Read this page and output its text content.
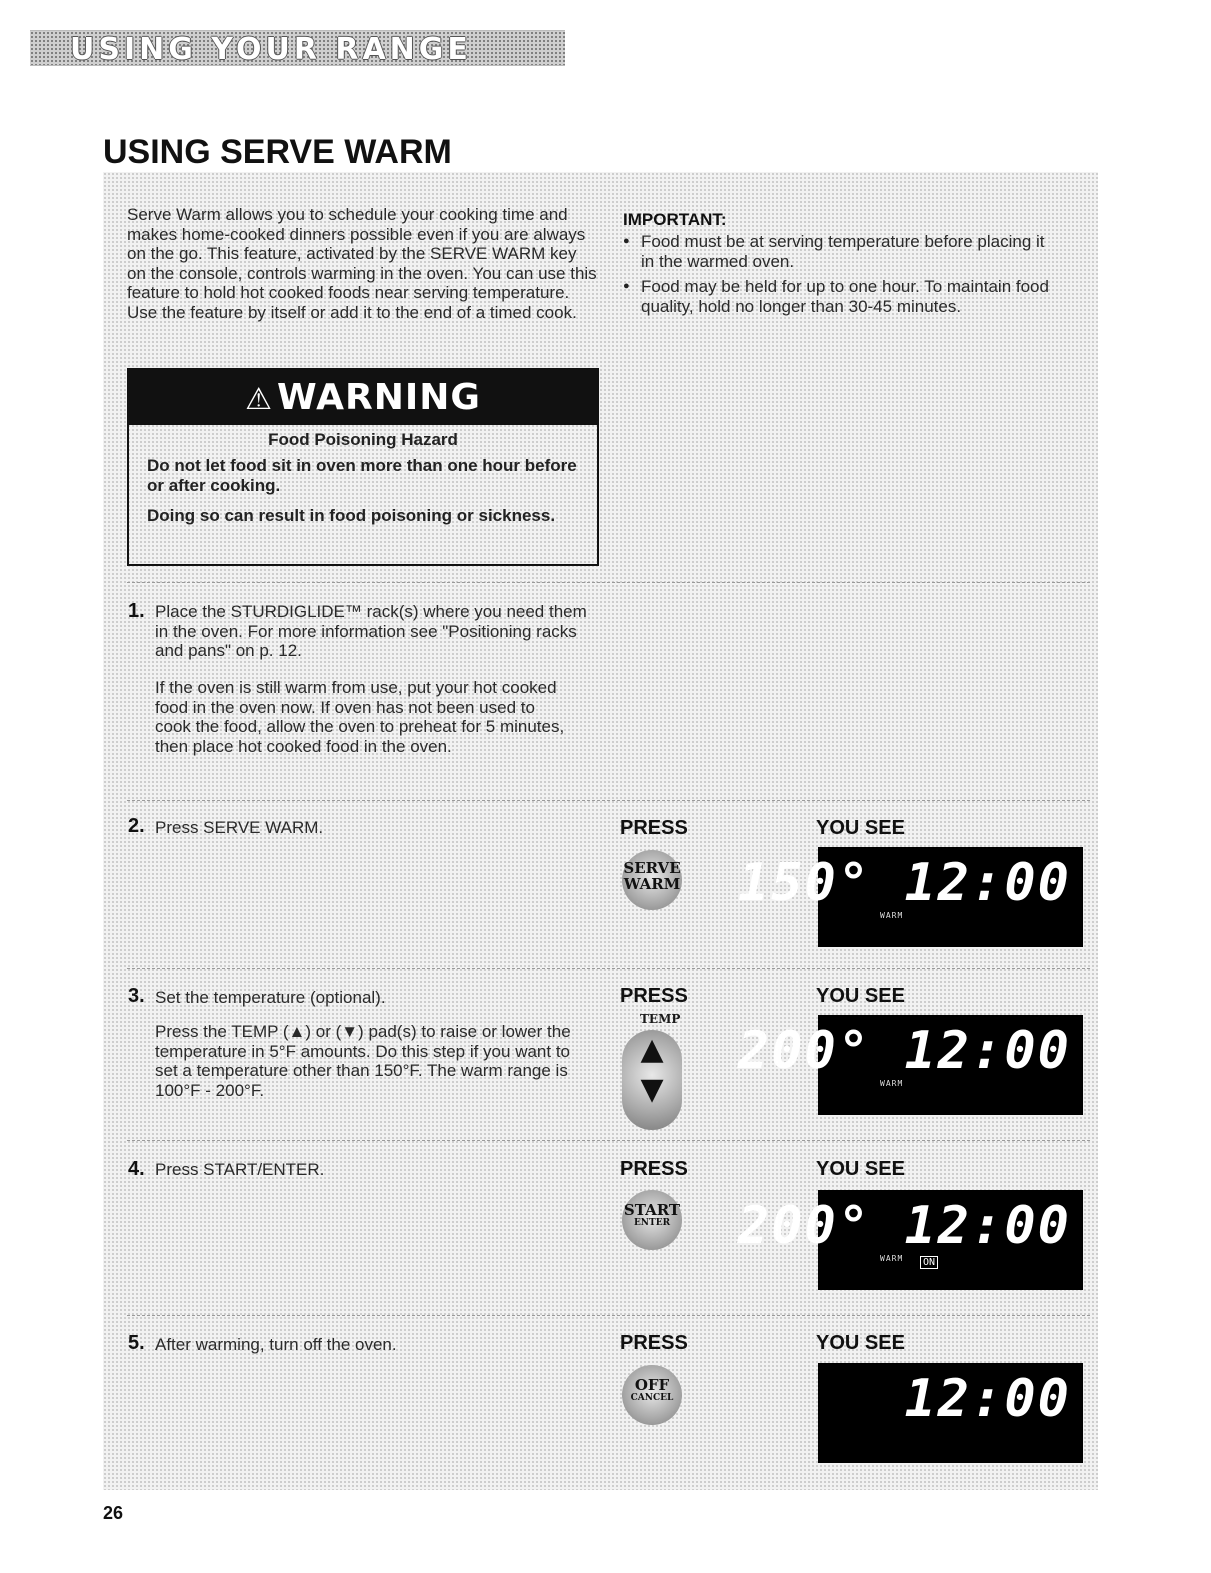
USING YOUR RANGE
USING SERVE WARM

Serve Warm allows you to schedule your cooking time and makes home-cooked dinners possible even if you are always on the go. This feature, activated by the SERVE WARM key on the console, controls warming in the oven. You can use this feature to hold hot cooked foods near serving temperature. Use the feature by itself or add it to the end of a timed cook.

IMPORTANT:
● Food must be at serving temperature before placing it in the warmed oven.
● Food may be held for up to one hour. To maintain food quality, hold no longer than 30-45 minutes.
⚠ WARNING
Food Poisoning Hazard
Do not let food sit in oven more than one hour before or after cooking.
Doing so can result in food poisoning or sickness.
1. Place the STURDIGLIDE™ rack(s) where you need them in the oven. For more information see "Positioning racks and pans" on p. 12.

If the oven is still warm from use, put your hot cooked food in the oven now. If oven has not been used to cook the food, allow the oven to preheat for 5 minutes, then place hot cooked food in the oven.

2. Press SERVE WARM.	PRESS	YOU SEE
SERVE
WARM 150° 12:00
WARM
3. Set the temperature (optional).

Press the TEMP (▲) or (▼) pad(s) to raise or lower the temperature in 5°F amounts. Do this step if you want to set a temperature other than 150°F. The warm range is 100°F - 200°F.

PRESS	YOU SEE
TEMP
▲
▼
200° 12:00
WARM
4. Press START/ENTER.	PRESS	YOU SEE
START
ENTER 200° 12:00
WARM	ON
5. After warming, turn off the oven.	PRESS	YOU SEE
OFF
CANCEL	12:00
26
